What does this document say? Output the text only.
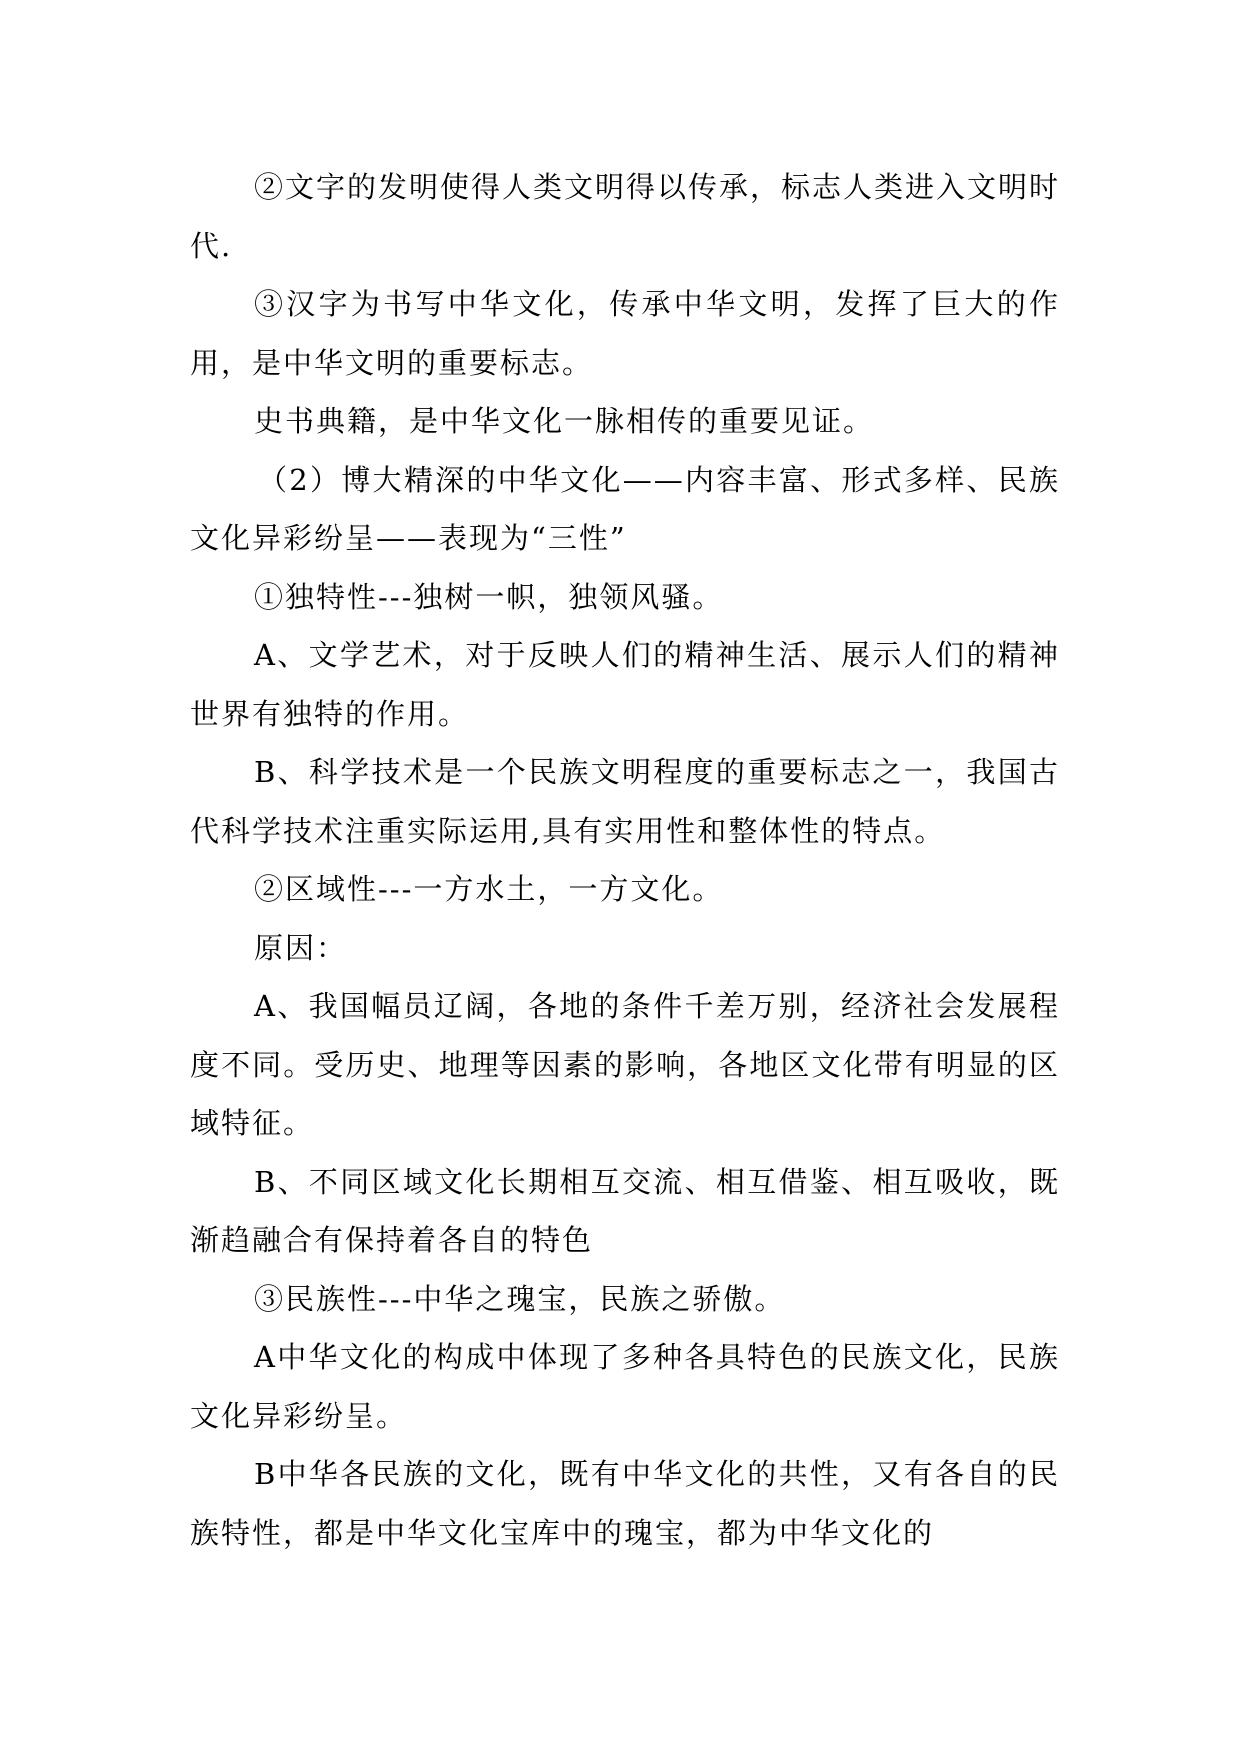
②文字的发明使得人类文明得以传承，标志人类进入文明时代.

③汉字为书写中华文化，传承中华文明，发挥了巨大的作用，是中华文明的重要标志。

史书典籍，是中华文化一脉相传的重要见证。

（2）博大精深的中华文化——内容丰富、形式多样、民族文化异彩纷呈——表现为“三性”

①独特性---独树一帜，独领风骚。

A、文学艺术，对于反映人们的精神生活、展示人们的精神世界有独特的作用。

B、科学技术是一个民族文明程度的重要标志之一，我国古代科学技术注重实际运用,具有实用性和整体性的特点。

②区域性---一方水土，一方文化。

原因：

A、我国幅员辽阔，各地的条件千差万别，经济社会发展程度不同。受历史、地理等因素的影响，各地区文化带有明显的区域特征。

B、不同区域文化长期相互交流、相互借鉴、相互吸收，既渐趋融合有保持着各自的特色

③民族性---中华之瑰宝，民族之骄傲。

A中华文化的构成中体现了多种各具特色的民族文化，民族文化异彩纷呈。

B中华各民族的文化，既有中华文化的共性，又有各自的民族特性，都是中华文化宝库中的瑰宝，都为中华文化的
